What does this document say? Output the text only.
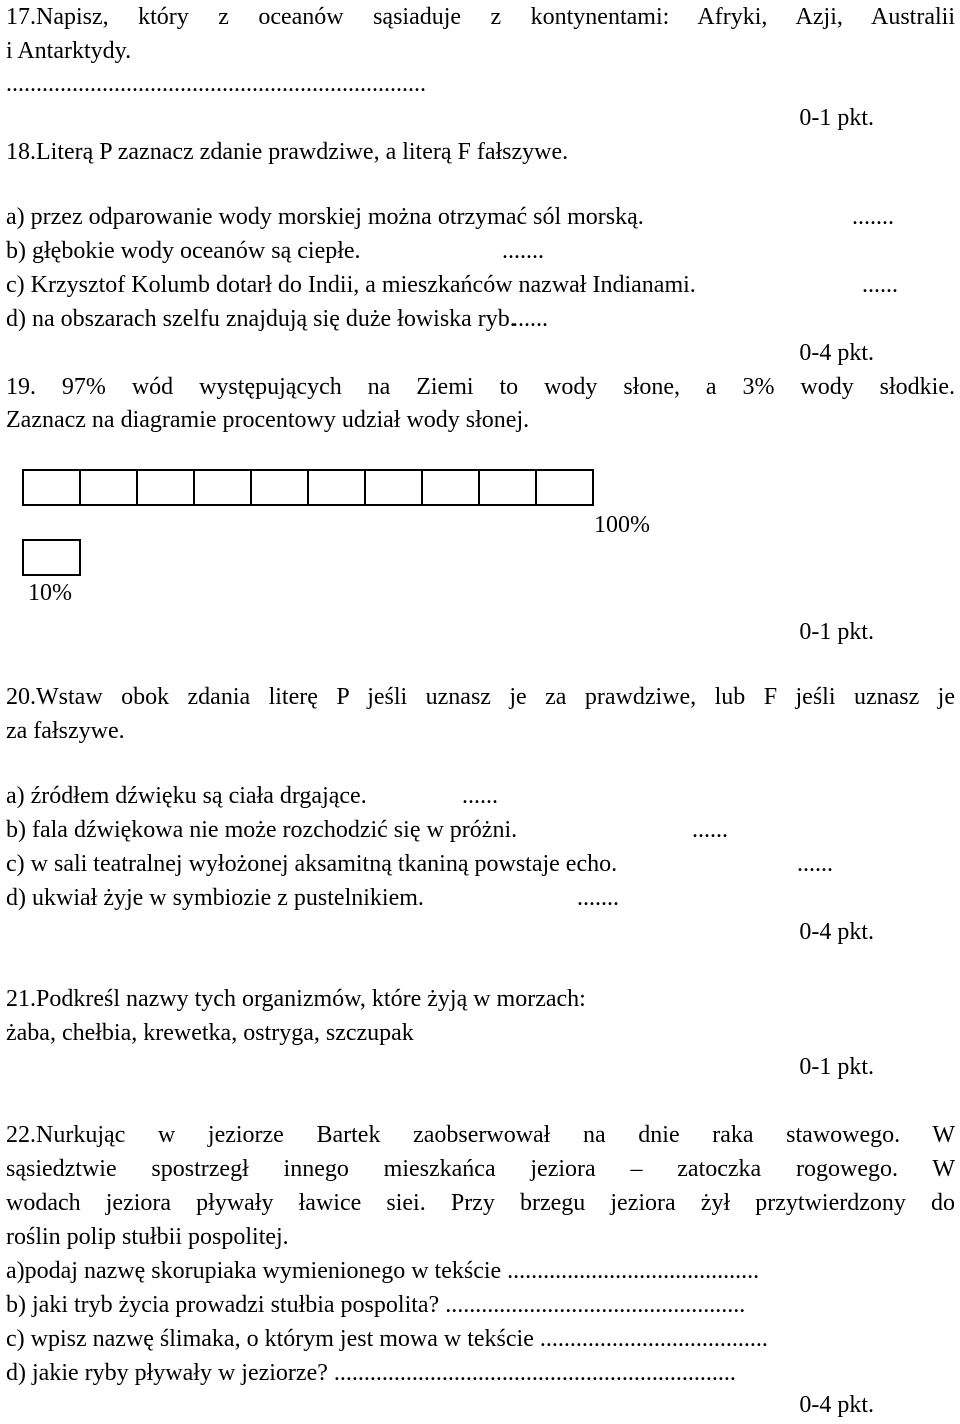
17.Napisz, który z oceanów sąsiaduje z kontynentami: Afryki, Azji, Australii
i Antarktydy.
......................................................................
0-1 pkt.
18.Literą P zaznacz zdanie prawdziwe, a literą F fałszywe.
a) przez odparowanie wody morskiej można otrzymać sól morską.	.......
b) głębokie wody oceanów są ciepłe.	.......
c) Krzysztof Kolumb dotarł do Indii, a mieszkańców nazwał Indianami.	......
d) na obszarach szelfu znajdują się duże łowiska ryb.
......
0-4 pkt.
19. 97% wód występujących na Ziemi to wody słone, a 3% wody słodkie.
Zaznacz na diagramie procentowy udział wody słonej.
100%
10%
0-1 pkt.
20.Wstaw obok zdania literę P jeśli uznasz je za prawdziwe, lub F jeśli uznasz je
za fałszywe.
a) źródłem dźwięku są ciała drgające.	......
b) fala dźwiękowa nie może rozchodzić się w próżni.	......
c) w sali teatralnej wyłożonej aksamitną tkaniną powstaje echo.	......
d) ukwiał żyje w symbiozie z pustelnikiem.	.......
0-4 pkt.
21.Podkreśl nazwy tych organizmów, które żyją w morzach:
żaba, chełbia, krewetka, ostryga, szczupak
0-1 pkt.
22.Nurkując w jeziorze Bartek zaobserwował na dnie raka stawowego. W
sąsiedztwie spostrzegł innego mieszkańca jeziora – zatoczka rogowego. W
wodach jeziora pływały ławice siei. Przy brzegu jeziora żył przytwierdzony do
roślin polip stułbii pospolitej.
a)podaj nazwę skorupiaka wymienionego w tekście ..........................................
b) jaki tryb życia prowadzi stułbia pospolita? ..................................................
c) wpisz nazwę ślimaka, o którym jest mowa w tekście ......................................
d) jakie ryby pływały w jeziorze? ...................................................................
0-4 pkt.
